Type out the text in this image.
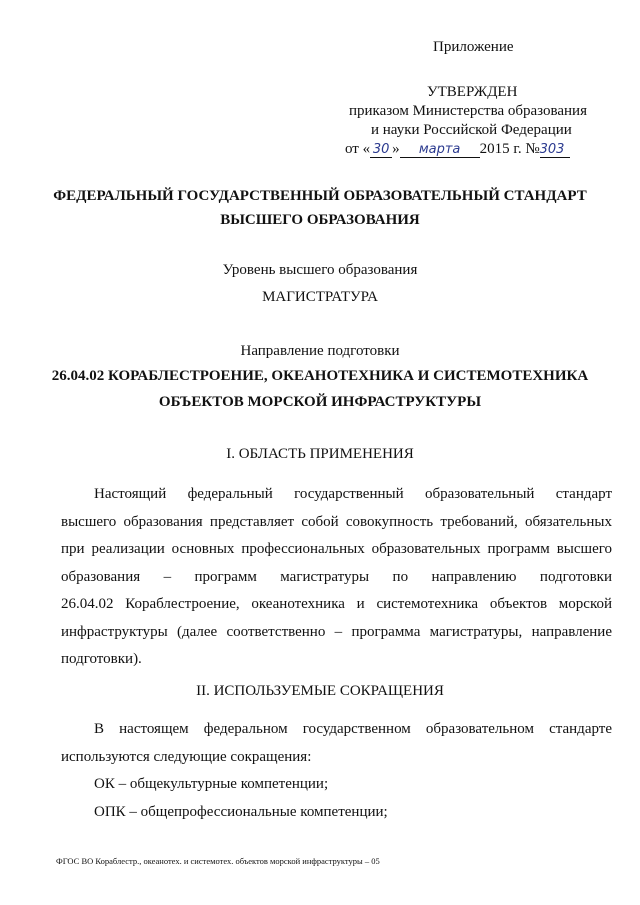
Приложение
УТВЕРЖДЕН
приказом Министерства образования
и науки Российской Федерации
от « 30 » марта 2015 г. №303
ФЕДЕРАЛЬНЫЙ ГОСУДАРСТВЕННЫЙ ОБРАЗОВАТЕЛЬНЫЙ СТАНДАРТ
ВЫСШЕГО ОБРАЗОВАНИЯ
Уровень высшего образования
МАГИСТРАТУРА
Направление подготовки
26.04.02 КОРАБЛЕСТРОЕНИЕ, ОКЕАНОТЕХНИКА И СИСТЕМОТЕХНИКА
ОБЪЕКТОВ МОРСКОЙ ИНФРАСТРУКТУРЫ
I. ОБЛАСТЬ ПРИМЕНЕНИЯ
Настоящий федеральный государственный образовательный стандарт
высшего образования представляет собой совокупность требований, обязательных
при реализации основных профессиональных образовательных программ высшего
образования – программ магистратуры по направлению подготовки
26.04.02 Кораблестроение, океанотехника и системотехника объектов морской
инфраструктуры (далее соответственно – программа магистратуры, направление
подготовки).
II. ИСПОЛЬЗУЕМЫЕ СОКРАЩЕНИЯ
В настоящем федеральном государственном образовательном стандарте
используются следующие сокращения:
ОК – общекультурные компетенции;
ОПК – общепрофессиональные компетенции;
ФГОС ВО Кораблестр., океанотех. и системотех. объектов морской инфраструктуры – 05
